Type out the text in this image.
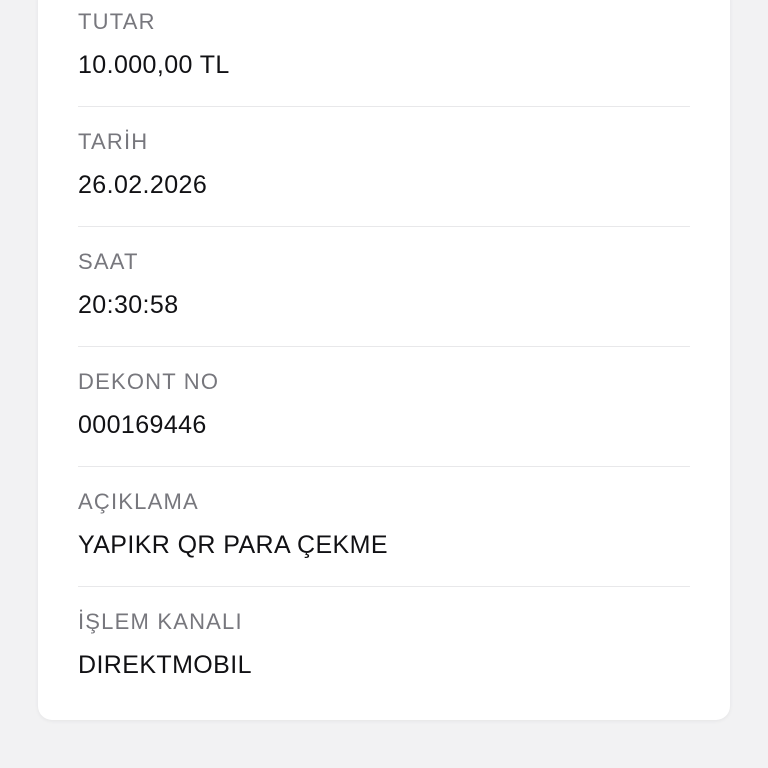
TUTAR
10.000,00 TL
TARİH
26.02.2026
SAAT
20:30:58
DEKONT NO
000169446
AÇIKLAMA
YAPIKR QR PARA ÇEKME
İŞLEM KANALI
DIREKTMOBIL
